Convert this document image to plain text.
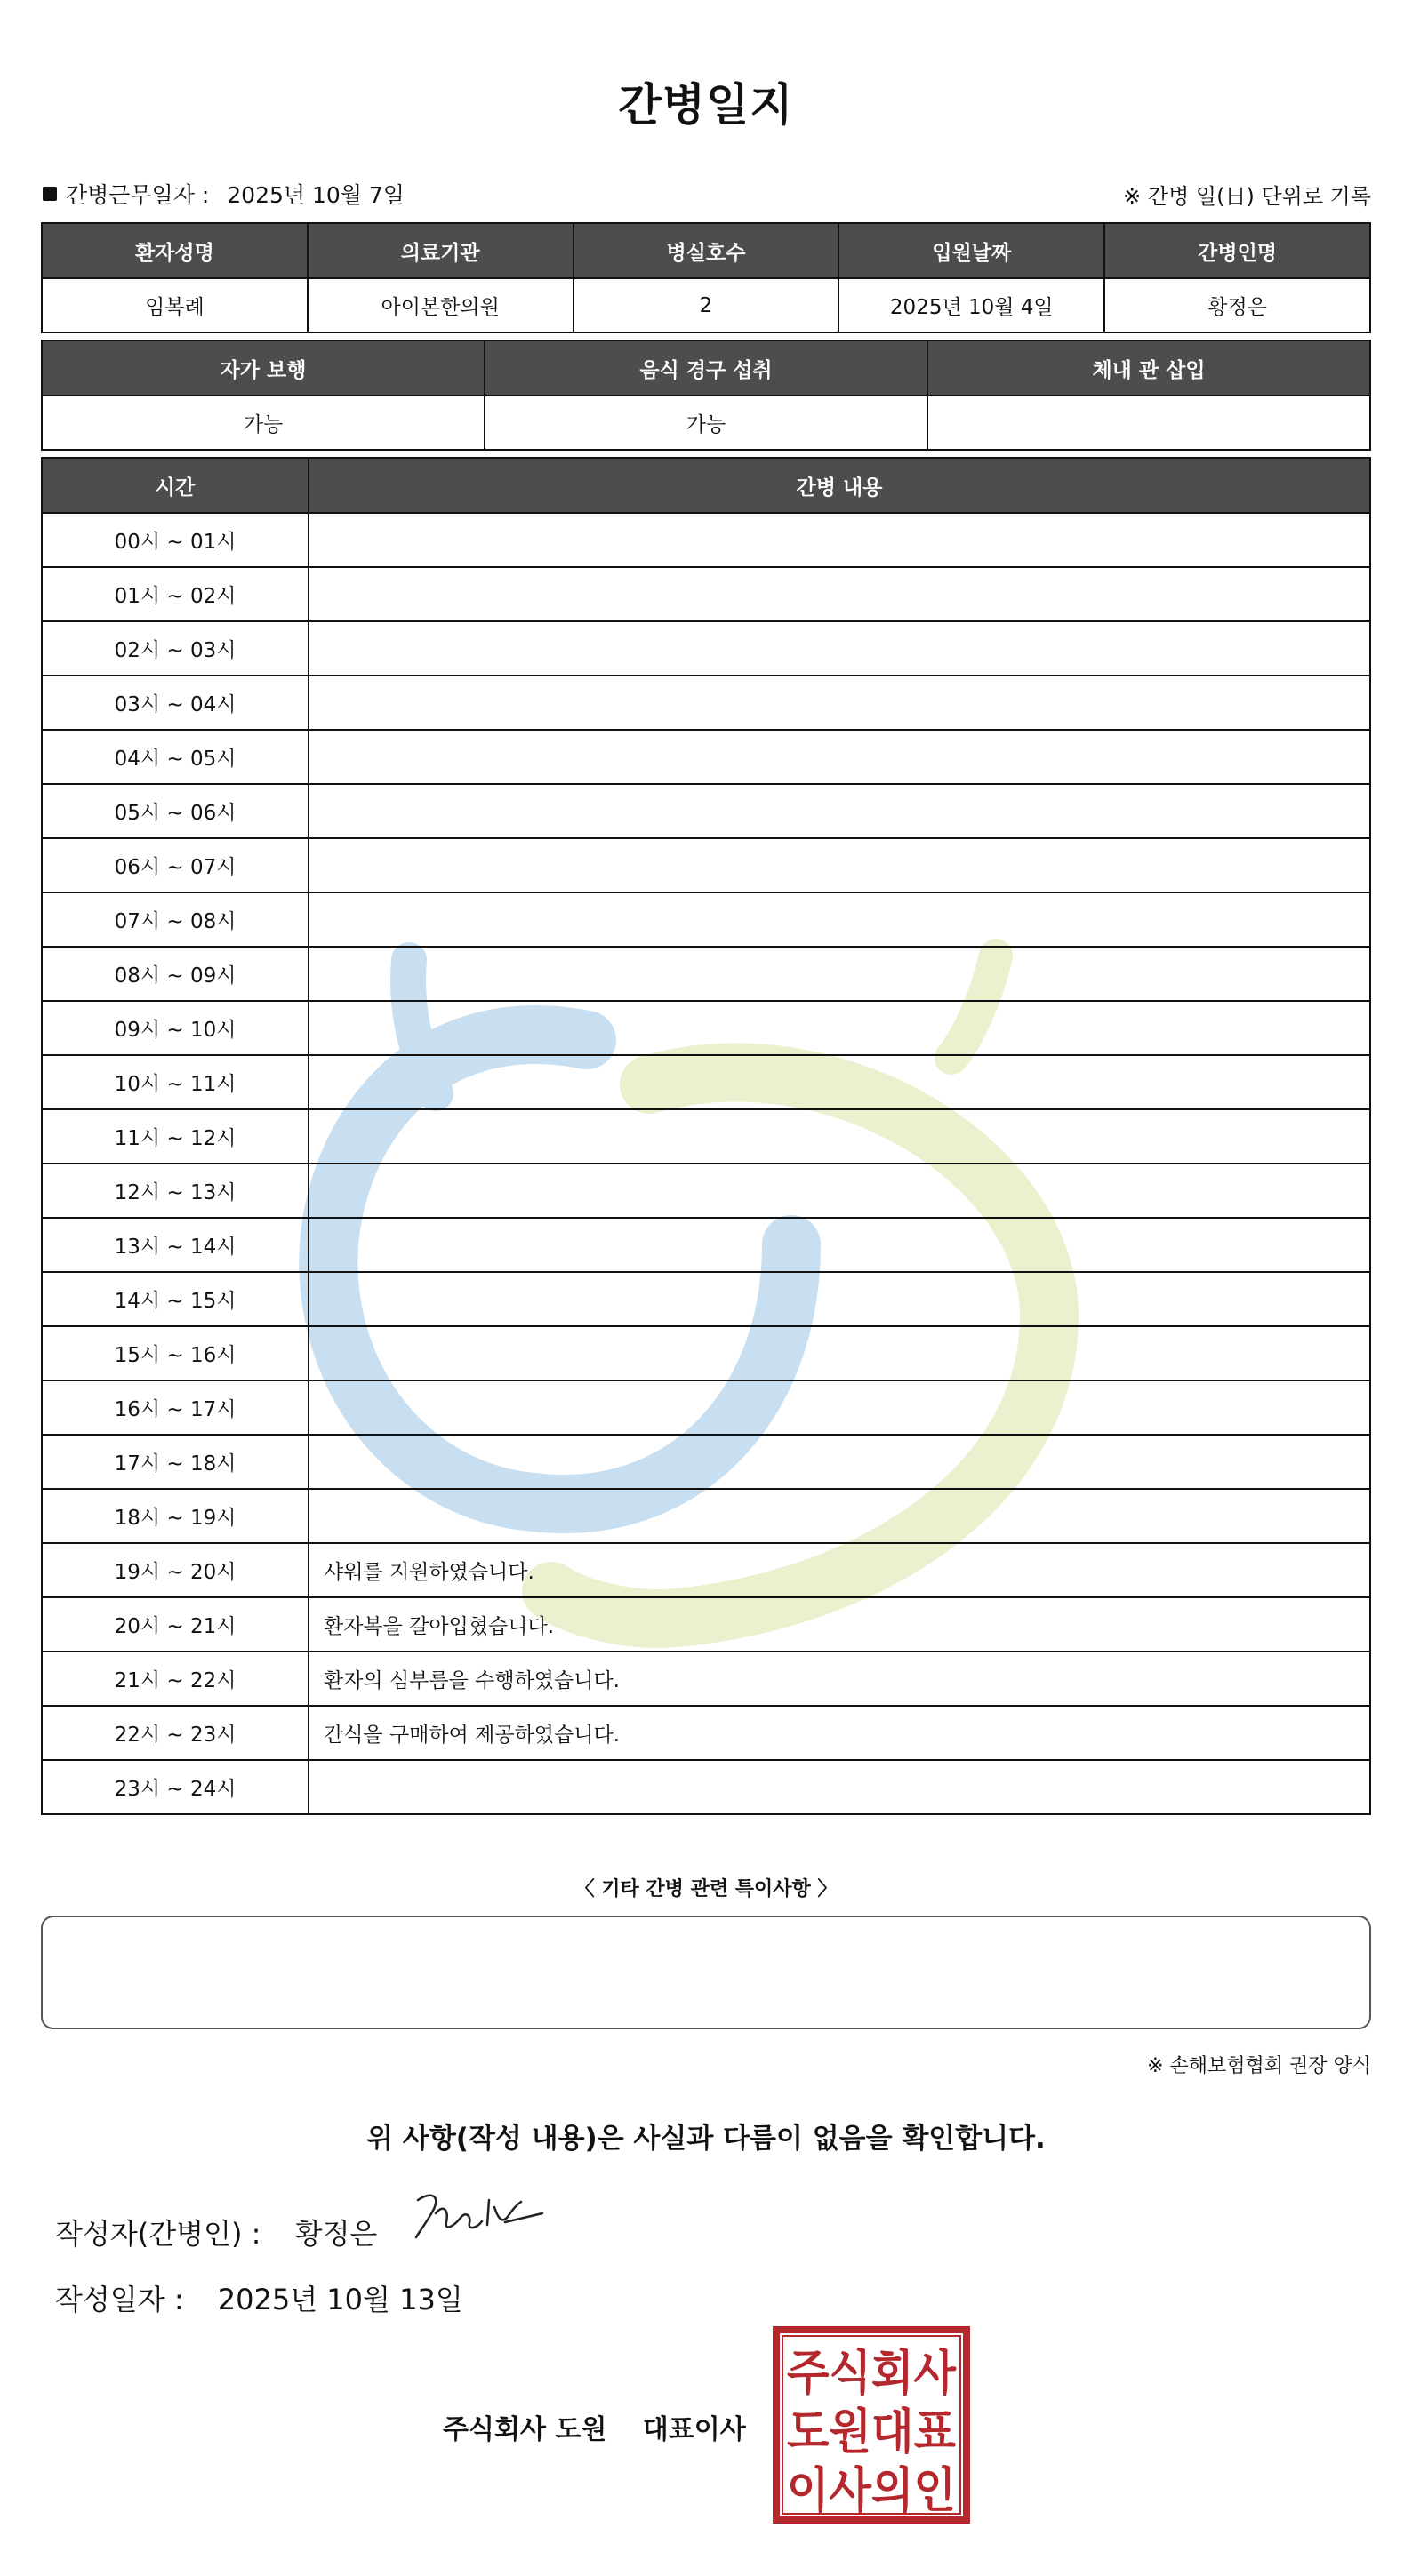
간병일지
간병근무일자 : 2025년 10월 7일	※ 간병 일(日) 단위로 기록
환자성명	의료기관	병실호수	입원날짜	간병인명
임복례	아이본한의원	2	2025년 10월 4일	황정은
자가 보행	음식 경구 섭취	체내 관 삽입
가능	가능	
시간	간병 내용
00시 ~ 01시	
01시 ~ 02시	
02시 ~ 03시	
03시 ~ 04시	
04시 ~ 05시	
05시 ~ 06시	
06시 ~ 07시	
07시 ~ 08시	
08시 ~ 09시	
09시 ~ 10시	
10시 ~ 11시	
11시 ~ 12시	
12시 ~ 13시	
13시 ~ 14시	
14시 ~ 15시	
15시 ~ 16시	
16시 ~ 17시	
17시 ~ 18시	
18시 ~ 19시	
19시 ~ 20시	샤워를 지원하였습니다.
20시 ~ 21시	환자복을 갈아입혔습니다.
21시 ~ 22시	환자의 심부름을 수행하였습니다.
22시 ~ 23시	간식을 구매하여 제공하였습니다.
23시 ~ 24시	
〈 기타 간병 관련 특이사항 〉
※ 손해보험협회 권장 양식
위 사항(작성 내용)은 사실과 다름이 없음을 확인합니다.
작성자(간병인) : 황정은
작성일자 : 2025년 10월 13일
주식회사 도원 대표이사
주식회사
도원대표
이사의인
